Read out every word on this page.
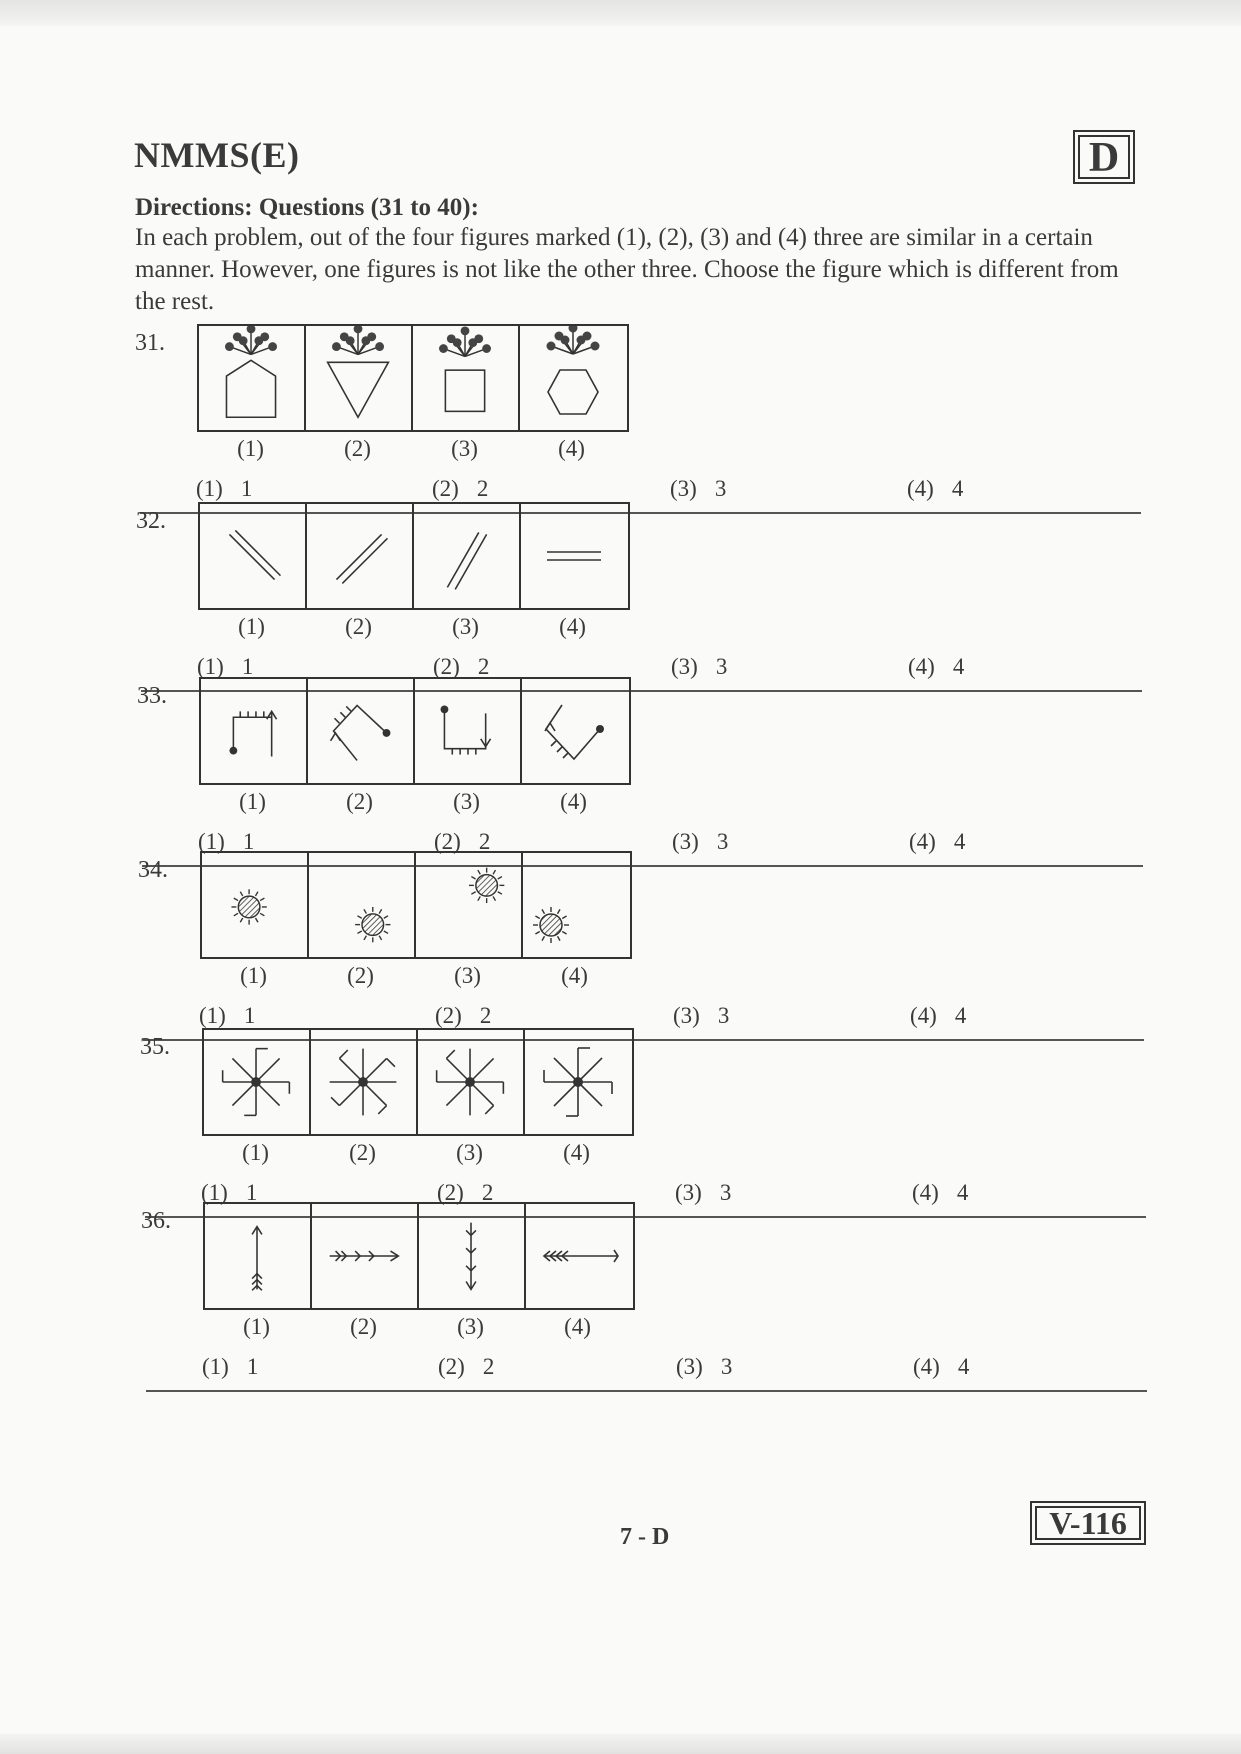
NMMS(E)	D
Directions: Questions (31 to 40):
In each problem, out of the four figures marked (1), (2), (3) and (4) three are similar in a certain manner. However, one figures is not like the other three. Choose the figure which is different from the rest.
31.
(1)	(2)	(3)	(4)
(1) 1	(2) 2	(3) 3	(4) 4
32.
(1)	(2)	(3)	(4)
(1) 1	(2) 2	(3) 3	(4) 4
33.
(1)	(2)	(3)	(4)
(1) 1	(2) 2	(3) 3	(4) 4
34.
(1)	(2)	(3)	(4)
(1) 1	(2) 2	(3) 3	(4) 4
35.
(1)	(2)	(3)	(4)
(1) 1	(2) 2	(3) 3	(4) 4
36.
(1)	(2)	(3)	(4)
(1) 1	(2) 2	(3) 3	(4) 4
7 - D	V-116
